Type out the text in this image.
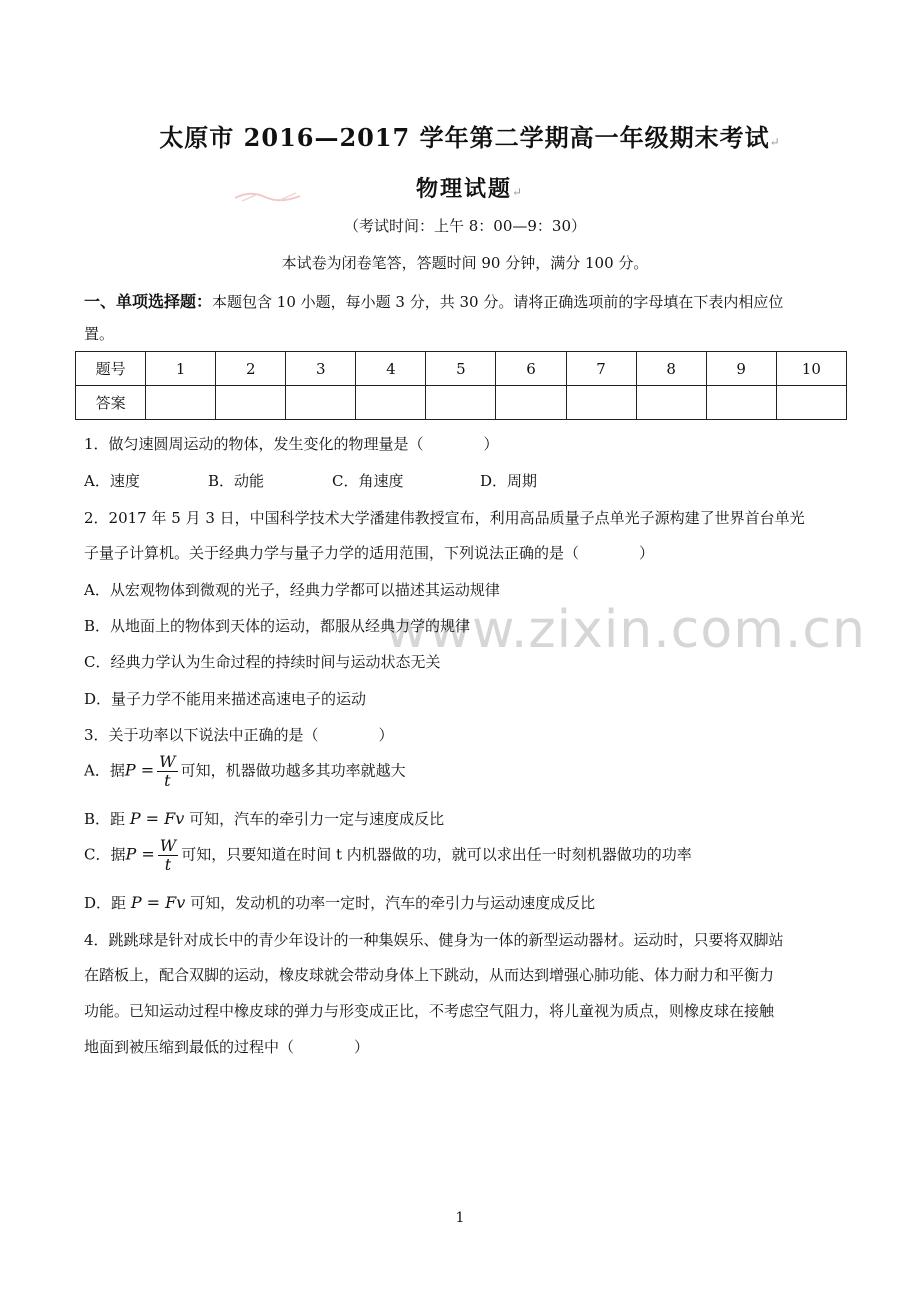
www.zixin.com.cn
太原市 2016—2017 学年第二学期高一年级期末考试↵
物理试题↵
（考试时间：上午 8：00—9：30）
本试卷为闭卷笔答，答题时间 90 分钟，满分 100 分。
一、单项选择题：本题包含 10 小题，每小题 3 分，共 30 分。请将正确选项前的字母填在下表内相应位
置。
题号	1	2	3	4	5	6	7	8	9	10
答案										
1．做匀速圆周运动的物体，发生变化的物理量是（　　　　）
A．速度	B．动能	C．角速度	D．周期
2．2017 年 5 月 3 日，中国科学技术大学潘建伟教授宣布，利用高品质量子点单光子源构建了世界首台单光
子量子计算机。关于经典力学与量子力学的适用范围，下列说法正确的是（　　　　）
A．从宏观物体到微观的光子，经典力学都可以描述其运动规律
B．从地面上的物体到天体的运动，都服从经典力学的规律
C．经典力学认为生命过程的持续时间与运动状态无关
D．量子力学不能用来描述高速电子的运动
3．关于功率以下说法中正确的是（　　　　）
A．据$P = \frac{W}{t}$ 可知，机器做功越多其功率就越大
B．距 P = Fv 可知，汽车的牵引力一定与速度成反比
C．据$P = \frac{W}{t}$ 可知，只要知道在时间 t 内机器做的功，就可以求出任一时刻机器做功的功率
D．距 P = Fv 可知，发动机的功率一定时，汽车的牵引力与运动速度成反比
4．跳跳球是针对成长中的青少年设计的一种集娱乐、健身为一体的新型运动器材。运动时，只要将双脚站
在踏板上，配合双脚的运动，橡皮球就会带动身体上下跳动，从而达到增强心肺功能、体力耐力和平衡力
功能。已知运动过程中橡皮球的弹力与形变成正比，不考虑空气阻力，将儿童视为质点，则橡皮球在接触
地面到被压缩到最低的过程中（　　　　）
1
